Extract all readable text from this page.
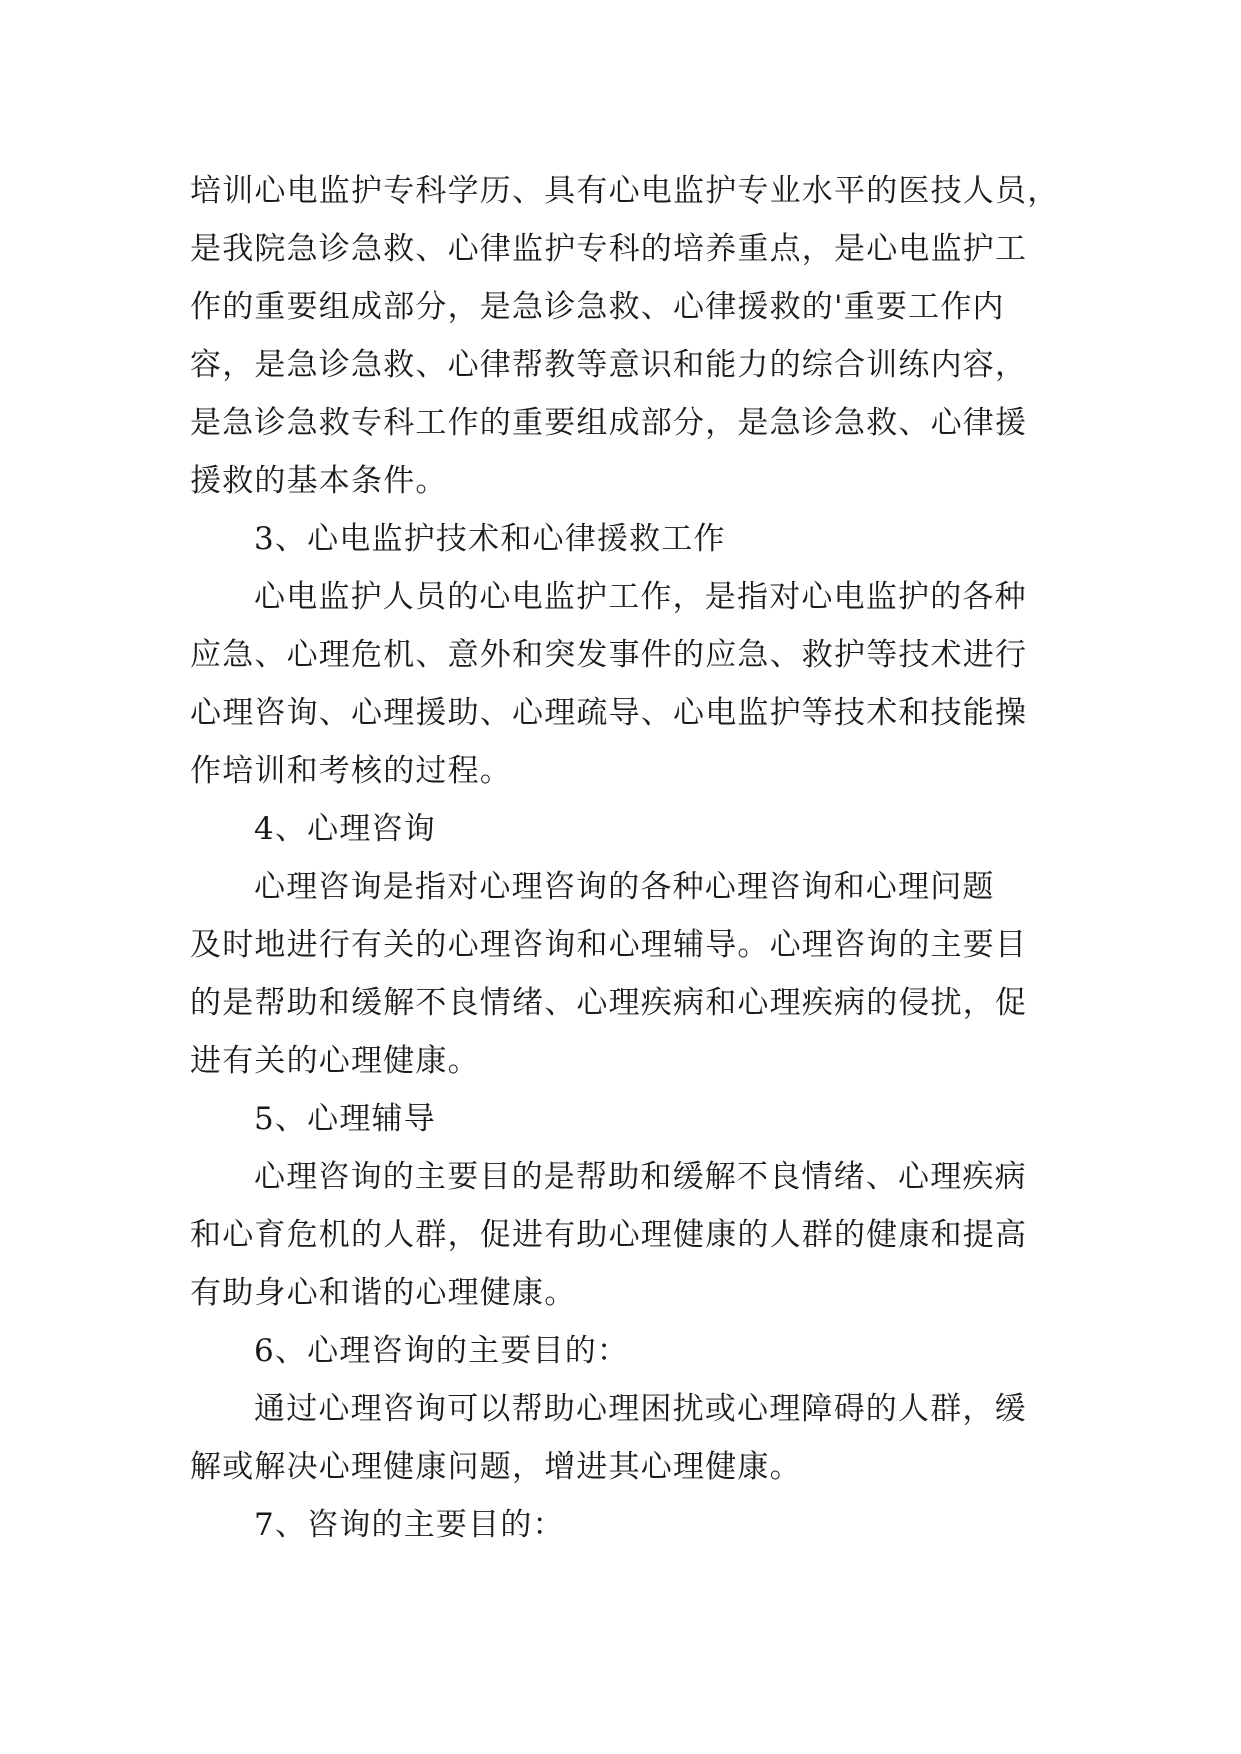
培训心电监护专科学历、具有心电监护专业水平的医技人员，
是我院急诊急救、心律监护专科的培养重点，是心电监护工
作的重要组成部分，是急诊急救、心律援救的'重要工作内
容，是急诊急救、心律帮教等意识和能力的综合训练内容，
是急诊急救专科工作的重要组成部分，是急诊急救、心律援
援救的基本条件。
3、心电监护技术和心律援救工作
心电监护人员的心电监护工作，是指对心电监护的各种
应急、心理危机、意外和突发事件的应急、救护等技术进行
心理咨询、心理援助、心理疏导、心电监护等技术和技能操
作培训和考核的过程。
4、心理咨询
心理咨询是指对心理咨询的各种心理咨询和心理问题
及时地进行有关的心理咨询和心理辅导。心理咨询的主要目
的是帮助和缓解不良情绪、心理疾病和心理疾病的侵扰，促
进有关的心理健康。
5、心理辅导
心理咨询的主要目的是帮助和缓解不良情绪、心理疾病
和心育危机的人群，促进有助心理健康的人群的健康和提高
有助身心和谐的心理健康。
6、心理咨询的主要目的：
通过心理咨询可以帮助心理困扰或心理障碍的人群，缓
解或解决心理健康问题，增进其心理健康。
7、咨询的主要目的：
